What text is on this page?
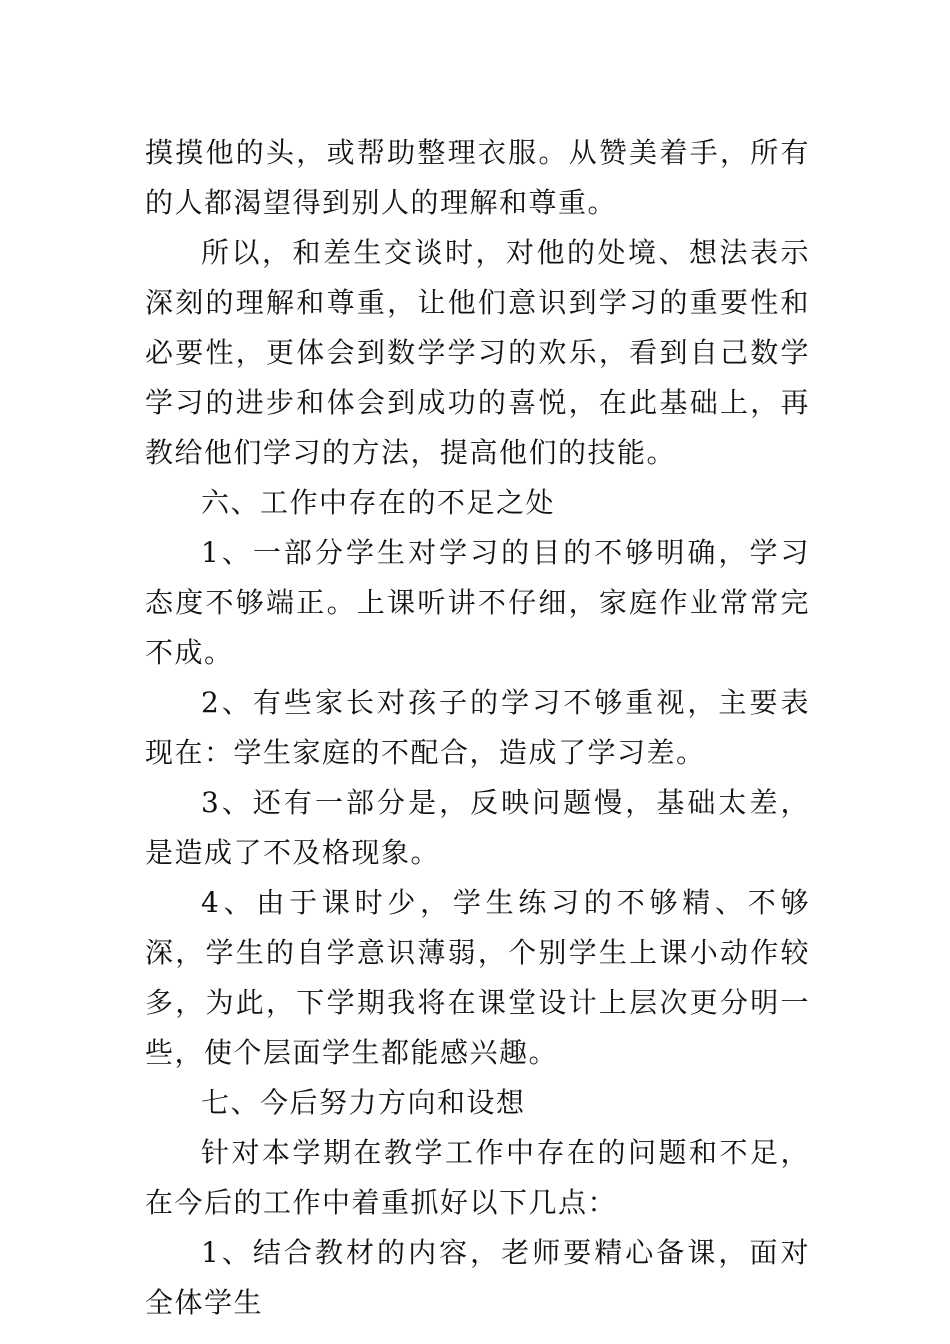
摸摸他的头，或帮助整理衣服。从赞美着手，所有的人都渴望得到别人的理解和尊重。

所以，和差生交谈时，对他的处境、想法表示深刻的理解和尊重，让他们意识到学习的重要性和必要性，更体会到数学学习的欢乐，看到自己数学学习的进步和体会到成功的喜悦，在此基础上，再教给他们学习的方法，提高他们的技能。

六、工作中存在的不足之处

1、一部分学生对学习的目的不够明确，学习态度不够端正。上课听讲不仔细，家庭作业常常完不成。

2、有些家长对孩子的学习不够重视，主要表现在：学生家庭的不配合，造成了学习差。

3、还有一部分是，反映问题慢，基础太差，是造成了不及格现象。

4、由于课时少，学生练习的不够精、不够深，学生的自学意识薄弱，个别学生上课小动作较多，为此，下学期我将在课堂设计上层次更分明一些，使个层面学生都能感兴趣。

七、今后努力方向和设想

针对本学期在教学工作中存在的问题和不足，在今后的工作中着重抓好以下几点：

1、结合教材的内容，老师要精心备课，面对全体学生
